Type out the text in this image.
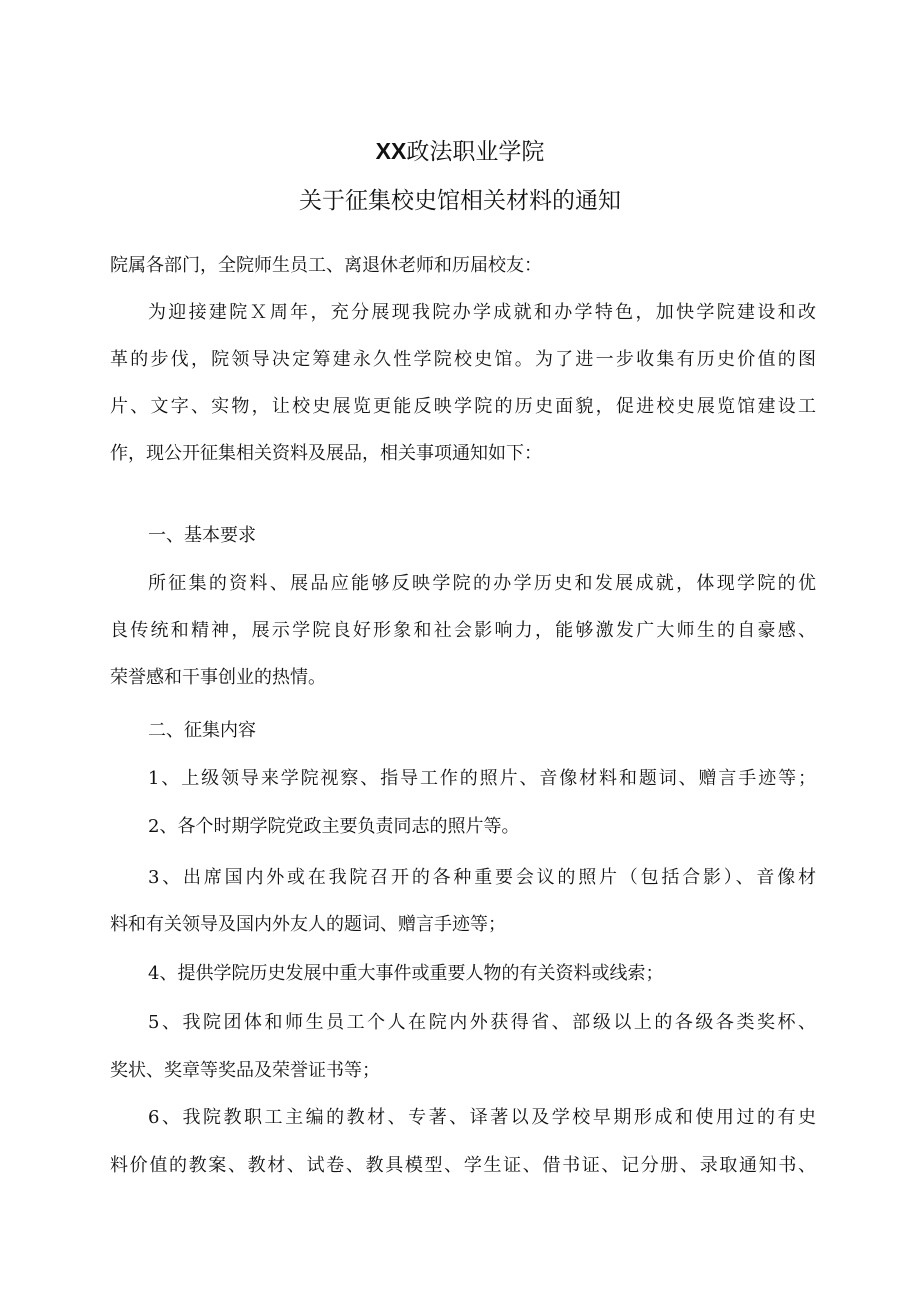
XX政法职业学院
关于征集校史馆相关材料的通知
院属各部门，全院师生员工、离退休老师和历届校友：
为迎接建院Ｘ周年，充分展现我院办学成就和办学特色，加快学院建设和改
革的步伐，院领导决定筹建永久性学院校史馆。为了进一步收集有历史价值的图
片、文字、实物，让校史展览更能反映学院的历史面貌，促进校史展览馆建设工
作，现公开征集相关资料及展品，相关事项通知如下：
一、基本要求
所征集的资料、展品应能够反映学院的办学历史和发展成就，体现学院的优
良传统和精神，展示学院良好形象和社会影响力，能够激发广大师生的自豪感、
荣誉感和干事创业的热情。
二、征集内容
1、上级领导来学院视察、指导工作的照片、音像材料和题词、赠言手迹等；
2、各个时期学院党政主要负责同志的照片等。
3、出席国内外或在我院召开的各种重要会议的照片（包括合影）、音像材
料和有关领导及国内外友人的题词、赠言手迹等；
4、提供学院历史发展中重大事件或重要人物的有关资料或线索；
5、我院团体和师生员工个人在院内外获得省、部级以上的各级各类奖杯、
奖状、奖章等奖品及荣誉证书等；
6、我院教职工主编的教材、专著、译著以及学校早期形成和使用过的有史
料价值的教案、教材、试卷、教具模型、学生证、借书证、记分册、录取通知书、
